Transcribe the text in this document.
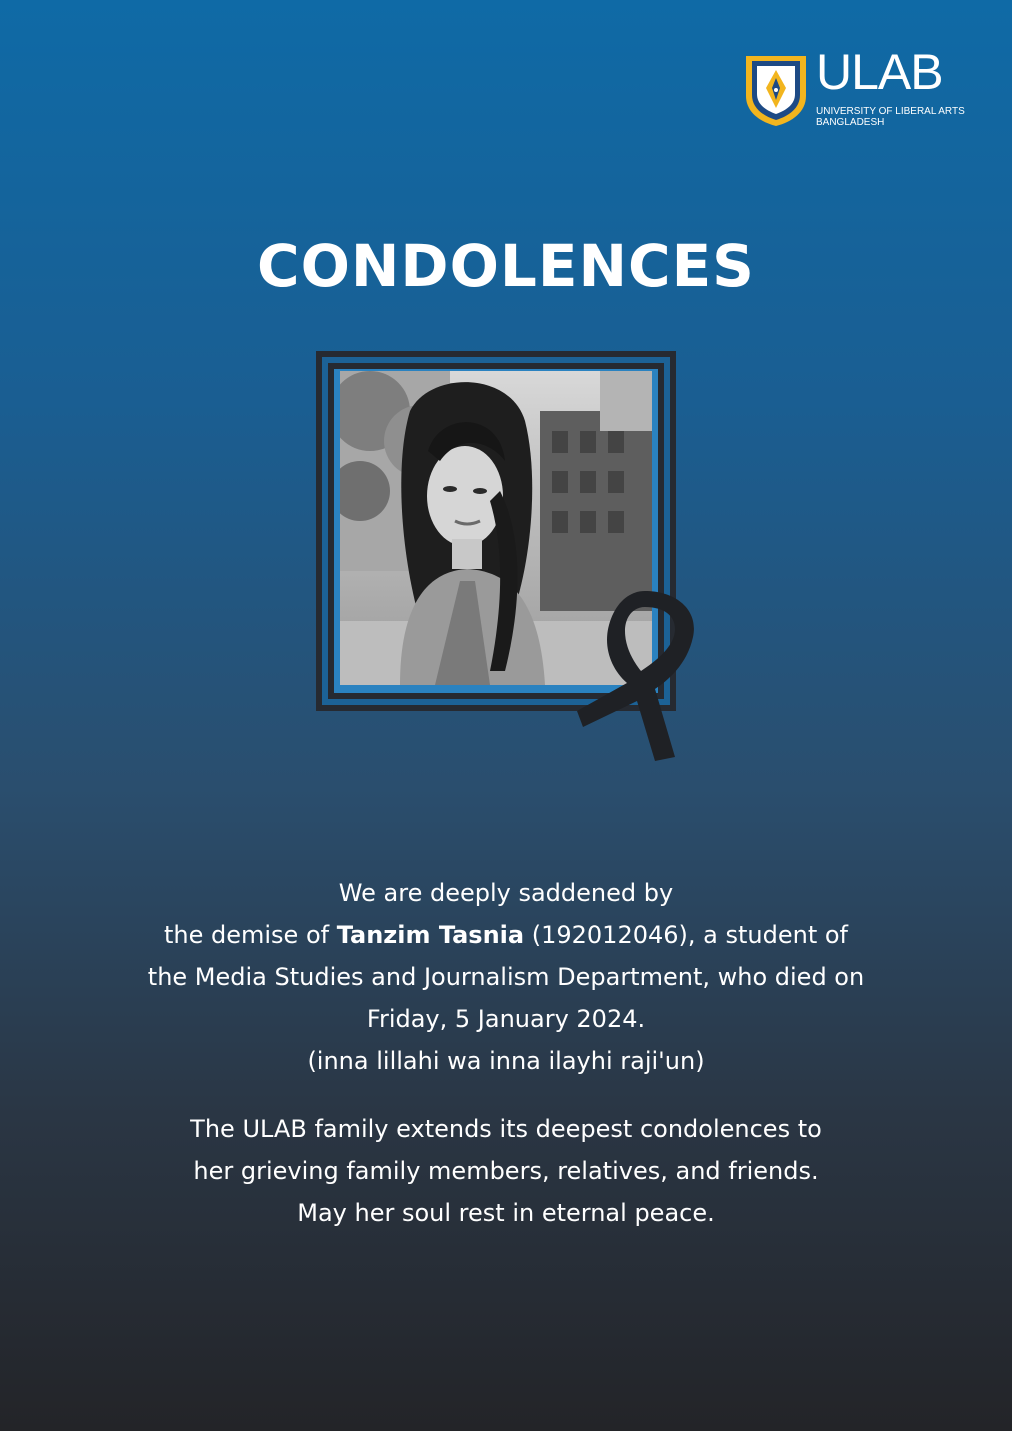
ULAB
UNIVERSITY OF LIBERAL ARTS
BANGLADESH
CONDOLENCES
We are deeply saddened by
the demise of Tanzim Tasnia (192012046), a student of
the Media Studies and Journalism Department, who died on
Friday, 5 January 2024.
(inna lillahi wa inna ilayhi raji'un)
The ULAB family extends its deepest condolences to
her grieving family members, relatives, and friends.
May her soul rest in eternal peace.
